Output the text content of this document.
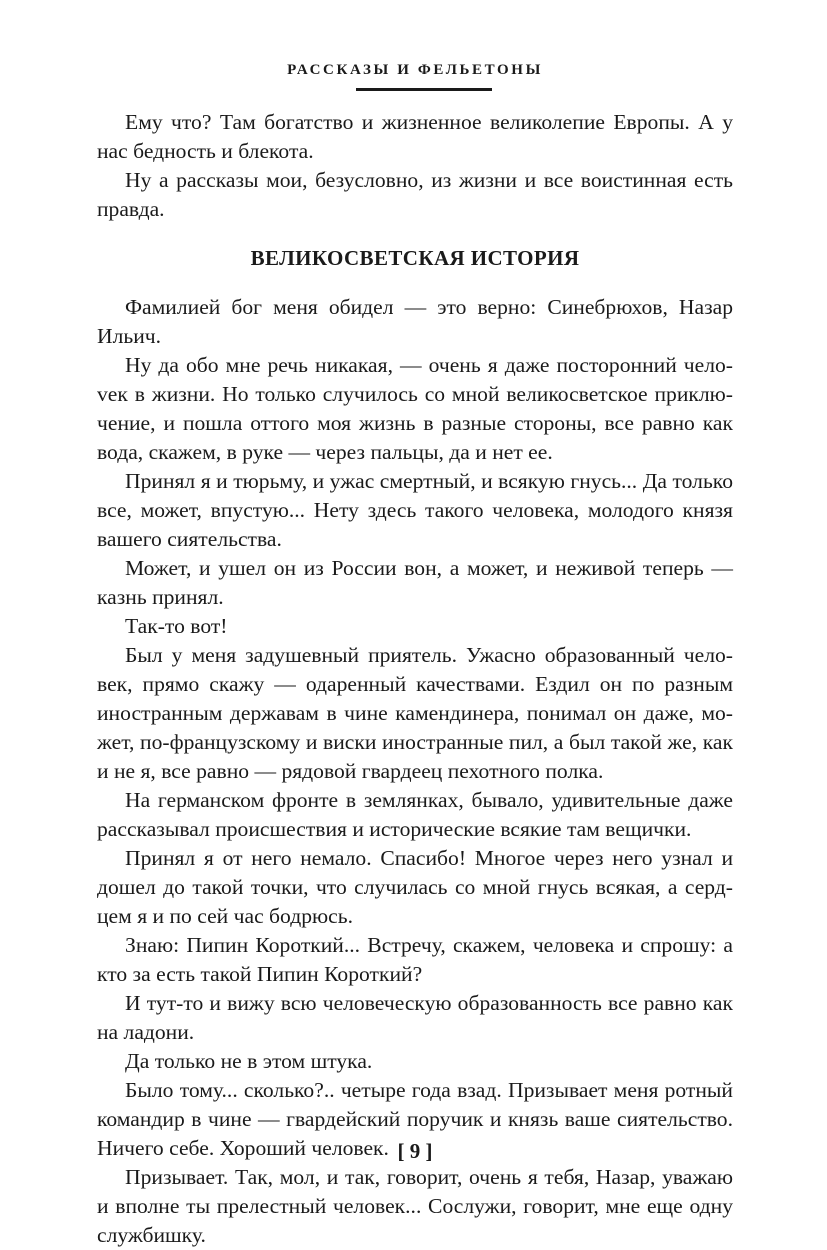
РАССКАЗЫ И ФЕЛЬЕТОНЫ

Ему что? Там богатство и жизненное великолепие Европы. А у нас бедность и блекота.

Ну а рассказы мои, безусловно, из жизни и все воистинная есть правда.

ВЕЛИКОСВЕТСКАЯ ИСТОРИЯ

Фамилией бог меня обидел — это верно: Синебрюхов, Назар Ильич.

Ну да обо мне речь никакая, — очень я даже посторонний челоvек в жизни. Но только случилось со мной великосветское приключение, и пошла оттого моя жизнь в разные стороны, все равно как вода, скажем, в руке — через пальцы, да и нет ее.

Принял я и тюрьму, и ужас смертный, и всякую гнусь... Да только все, может, впустую... Нету здесь такого человека, молодого князя вашего сиятельства.

Может, и ушел он из России вон, а может, и неживой теперь — казнь принял.

Так-то вот!

Был у меня задушевный приятель. Ужасно образованный человек, прямо скажу — одаренный качествами. Ездил он по разным иностранным державам в чине камендинера, понимал он даже, может, по-французскому и виски иностранные пил, а был такой же, как и не я, все равно — рядовой гвардеец пехотного полка.

На германском фронте в землянках, бывало, удивительные даже рассказывал происшествия и исторические всякие там вещички.

Принял я от него немало. Спасибо! Многое через него узнал и дошел до такой точки, что случилась со мной гнусь всякая, а сердцем я и по сей час бодрюсь.

Знаю: Пипин Короткий... Встречу, скажем, человека и спрошу: а кто за есть такой Пипин Короткий?

И тут-то и вижу всю человеческую образованность все равно как на ладони.

Да только не в этом штука.

Было тому... сколько?.. четыре года взад. Призывает меня ротный командир в чине — гвардейский поручик и князь ваше сиятельство. Ничего себе. Хороший человек.

Призывает. Так, мол, и так, говорит, очень я тебя, Назар, уважаю и вполне ты прелестный человек... Сослужи, говорит, мне еще одну службишку.

[ 9 ]
